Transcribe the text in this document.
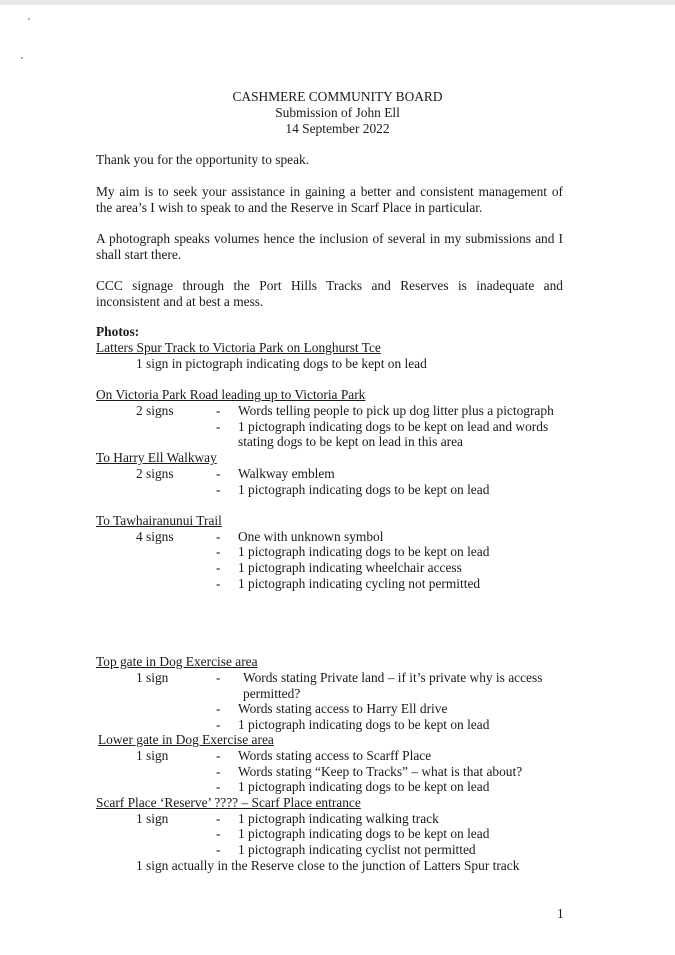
CASHMERE COMMUNITY BOARD
Submission of John Ell
14 September 2022
Thank you for the opportunity to speak.
My aim is to seek your assistance in gaining a better and consistent management of
the area’s I wish to speak to and the Reserve in Scarf Place in particular.
A photograph speaks volumes hence the inclusion of several in my submissions and I
shall start there.
CCC signage through the Port Hills Tracks and Reserves is inadequate and
inconsistent and at best a mess.
Photos:
Latters Spur Track to Victoria Park on Longhurst Tce
1 sign in pictograph indicating dogs to be kept on lead
On Victoria Park Road leading up to Victoria Park
2 signs	- Words telling people to pick up dog litter plus a pictograph
- 1 pictograph indicating dogs to be kept on lead and words
stating dogs to be kept on lead in this area
To Harry Ell Walkway
2 signs	- Walkway emblem
- 1 pictograph indicating dogs to be kept on lead
To Tawhairanunui Trail
4 signs	- One with unknown symbol
- 1 pictograph indicating dogs to be kept on lead
- 1 pictograph indicating wheelchair access
- 1 pictograph indicating cycling not permitted
Top gate in Dog Exercise area
1 sign	- Words stating Private land – if it’s private why is access
permitted?
- Words stating access to Harry Ell drive
- 1 pictograph indicating dogs to be kept on lead
Lower gate in Dog Exercise area
1 sign	- Words stating access to Scarff Place
- Words stating “Keep to Tracks” – what is that about?
- 1 pictograph indicating dogs to be kept on lead
Scarf Place ‘Reserve’ ???? – Scarf Place entrance
1 sign	- 1 pictograph indicating walking track
- 1 pictograph indicating dogs to be kept on lead
- 1 pictograph indicating cyclist not permitted
1 sign actually in the Reserve close to the junction of Latters Spur track
1
